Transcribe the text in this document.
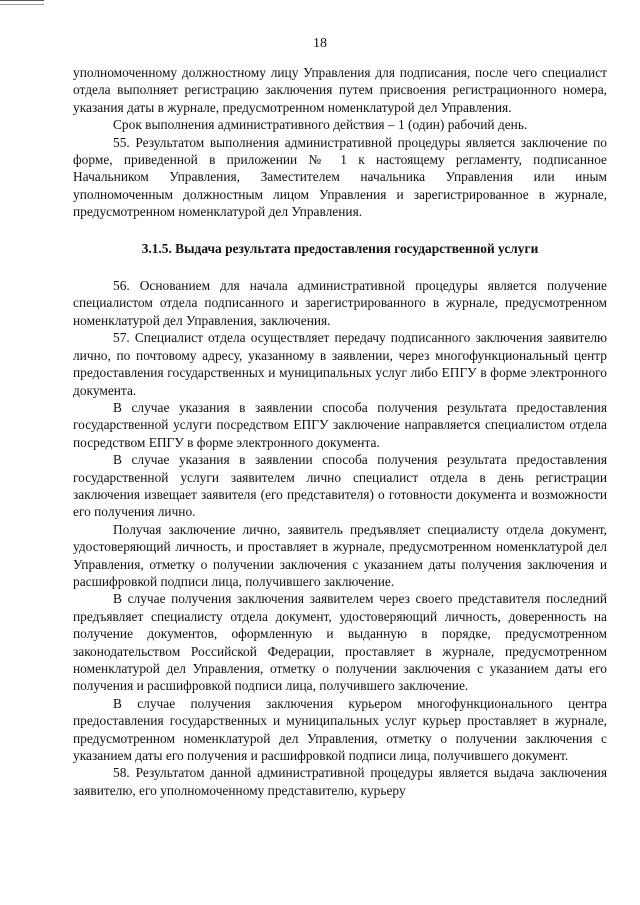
18

уполномоченному должностному лицу Управления для подписания, после чего специалист отдела выполняет регистрацию заключения путем присвоения регистрационного номера, указания даты в журнале, предусмотренном номенклатурой дел Управления.

Срок выполнения административного действия – 1 (один) рабочий день.

55. Результатом выполнения административной процедуры является заключение по форме, приведенной в приложении № 1 к настоящему регламенту, подписанное Начальником Управления, Заместителем начальника Управления или иным уполномоченным должностным лицом Управления и зарегистрированное в журнале, предусмотренном номенклатурой дел Управления.

3.1.5. Выдача результата предоставления государственной услуги

56. Основанием для начала административной процедуры является получение специалистом отдела подписанного и зарегистрированного в журнале, предусмотренном номенклатурой дел Управления, заключения.

57. Специалист отдела осуществляет передачу подписанного заключения заявителю лично, по почтовому адресу, указанному в заявлении, через многофункциональный центр предоставления государственных и муниципальных услуг либо ЕПГУ в форме электронного документа.

В случае указания в заявлении способа получения результата предоставления государственной услуги посредством ЕПГУ заключение направляется специалистом отдела посредством ЕПГУ в форме электронного документа.

В случае указания в заявлении способа получения результата предоставления государственной услуги заявителем лично специалист отдела в день регистрации заключения извещает заявителя (его представителя) о готовности документа и возможности его получения лично.

Получая заключение лично, заявитель предъявляет специалисту отдела документ, удостоверяющий личность, и проставляет в журнале, предусмотренном номенклатурой дел Управления, отметку о получении заключения с указанием даты получения заключения и расшифровкой подписи лица, получившего заключение.

В случае получения заключения заявителем через своего представителя последний предъявляет специалисту отдела документ, удостоверяющий личность, доверенность на получение документов, оформленную и выданную в порядке, предусмотренном законодательством Российской Федерации, проставляет в журнале, предусмотренном номенклатурой дел Управления, отметку о получении заключения с указанием даты его получения и расшифровкой подписи лица, получившего заключение.

В случае получения заключения курьером многофункционального центра предоставления государственных и муниципальных услуг курьер проставляет в журнале, предусмотренном номенклатурой дел Управления, отметку о получении заключения с указанием даты его получения и расшифровкой подписи лица, получившего документ.

58. Результатом данной административной процедуры является выдача заключения заявителю, его уполномоченному представителю, курьеру
